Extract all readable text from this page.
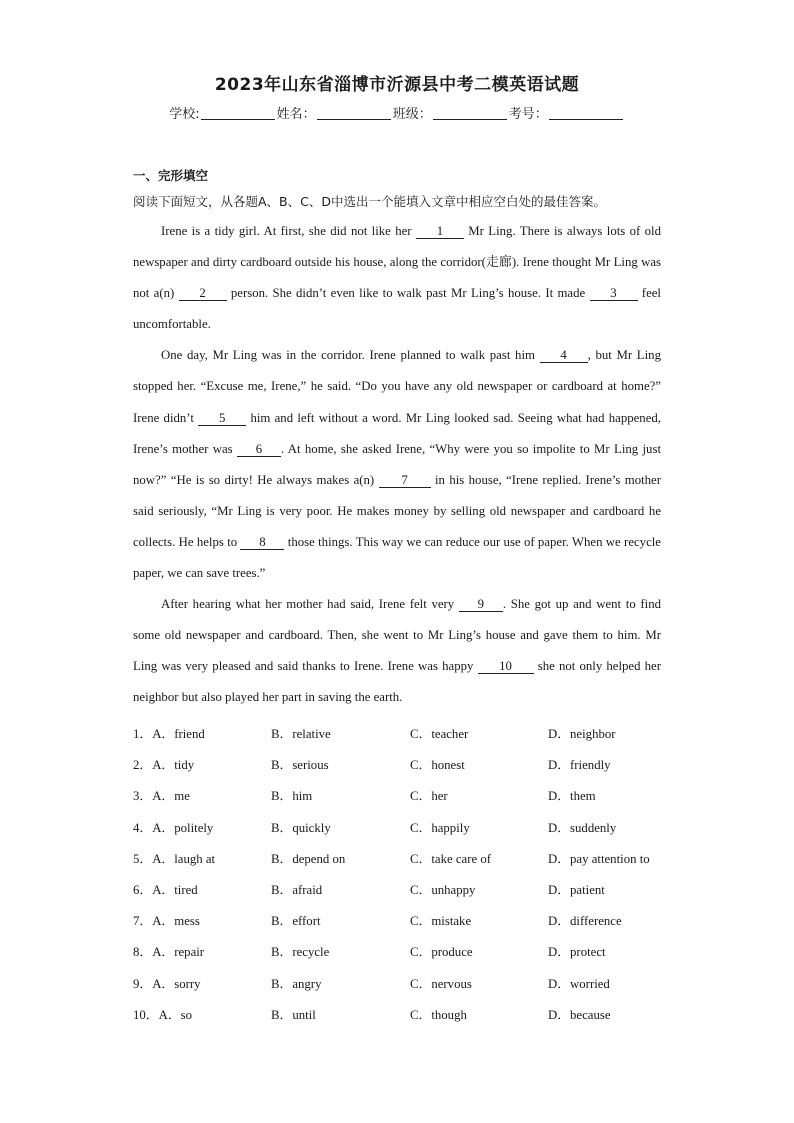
2023年山东省淄博市沂源县中考二模英语试题
学校:	姓名：	班级：	考号：
一、完形填空
阅读下面短文，从各题A、B、C、D中选出一个能填入文章中相应空白处的最佳答案。

Irene is a tidy girl. At first, she did not like her 1 Mr Ling. There is always lots of old newspaper and dirty cardboard outside his house, along the corridor(走廊). Irene thought Mr Ling was not a(n) 2 person. She didn’t even like to walk past Mr Ling’s house. It made 3 feel uncomfortable.

One day, Mr Ling was in the corridor. Irene planned to walk past him 4 , but Mr Ling stopped her. “Excuse me, Irene,” he said. “Do you have any old newspaper or cardboard at home?” Irene didn’t 5 him and left without a word. Mr Ling looked sad. Seeing what had happened, Irene’s mother was 6 . At home, she asked Irene, “Why were you so impolite to Mr Ling just now?” “He is so dirty! He always makes a(n) 7 in his house, “Irene replied. Irene’s mother said seriously, “Mr Ling is very poor. He makes money by selling old newspaper and cardboard he collects. He helps to 8 those things. This way we can reduce our use of paper. When we recycle paper, we can save trees.”

After hearing what her mother had said, Irene felt very 9 . She got up and went to find some old newspaper and cardboard. Then, she went to Mr Ling’s house and gave them to him. Mr Ling was very pleased and said thanks to Irene. Irene was happy 10 she not only helped her neighbor but also played her part in saving the earth.

1．A．friend	B．relative	C．teacher	D．neighbor
2．A．tidy	B．serious	C．honest	D．friendly
3．A．me	B．him	C．her	D．them
4．A．politely	B．quickly	C．happily	D．suddenly
5．A．laugh at	B．depend on	C．take care of	D．pay attention to
6．A．tired	B．afraid	C．unhappy	D．patient
7．A．mess	B．effort	C．mistake	D．difference
8．A．repair	B．recycle	C．produce	D．protect
9．A．sorry	B．angry	C．nervous	D．worried
10．A．so	B．until	C．though	D．because
